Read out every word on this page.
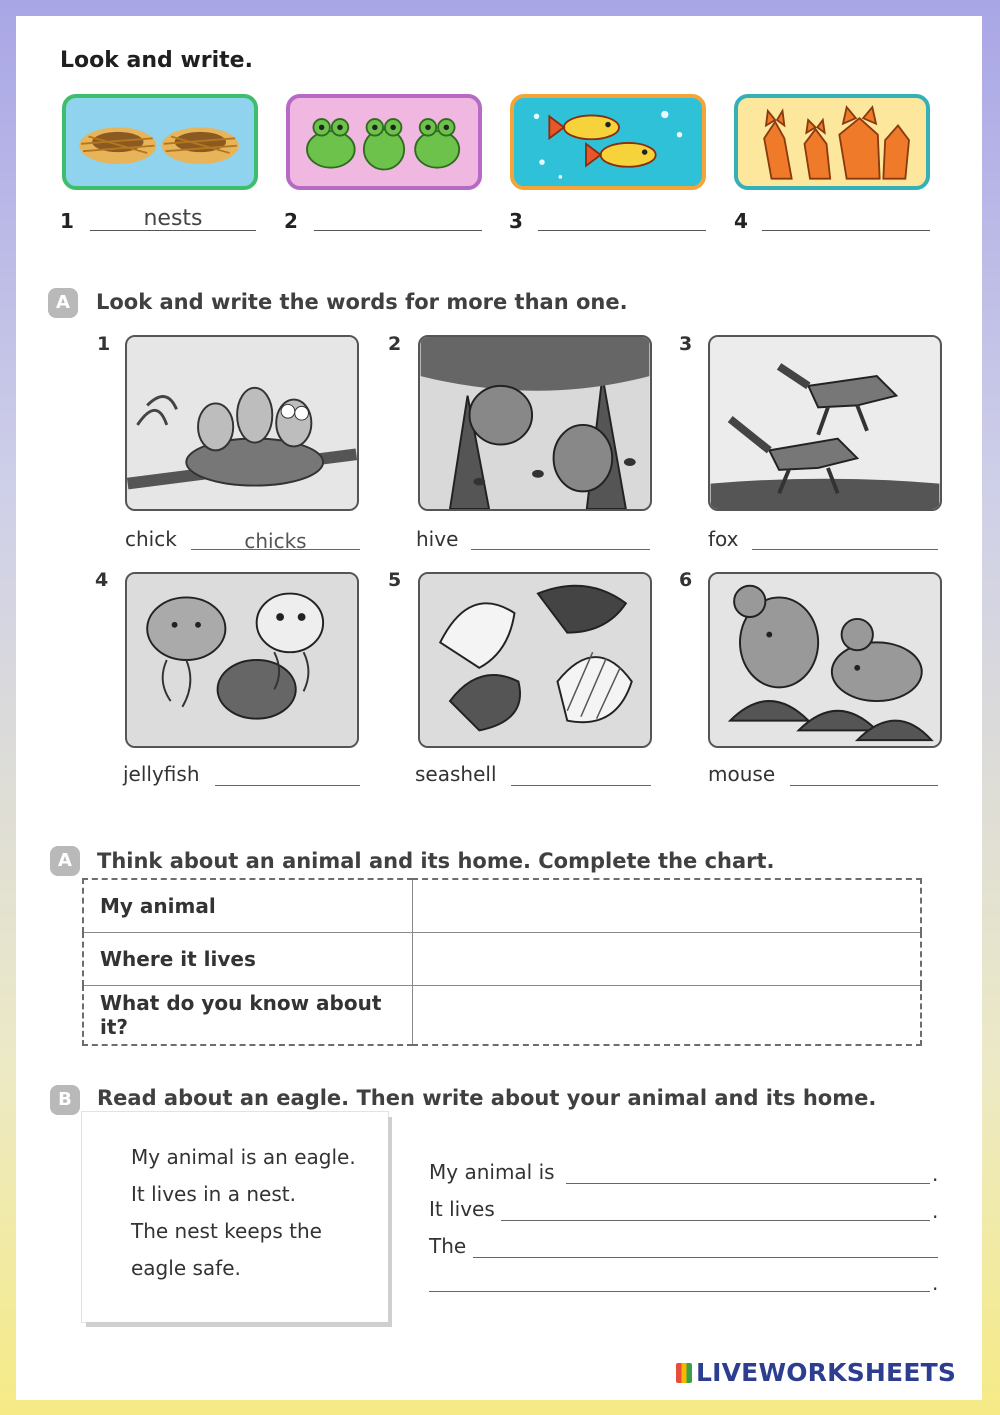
Look and write.
1	nests	2	3	4
A	Look and write the words for more than one.
1	2	3
chick	chicks	hive	fox
4	5	6
jellyfish	seashell	mouse
A	Think about an animal and its home. Complete the chart.
My animal	
Where it lives	
What do you know about it?	
B	Read about an eagle. Then write about your animal and its home.
My animal is an eagle.
It lives in a nest.
The nest keeps the
eagle safe.
My animal is	.
It lives	.
The
.
LIVEWORKSHEETS
